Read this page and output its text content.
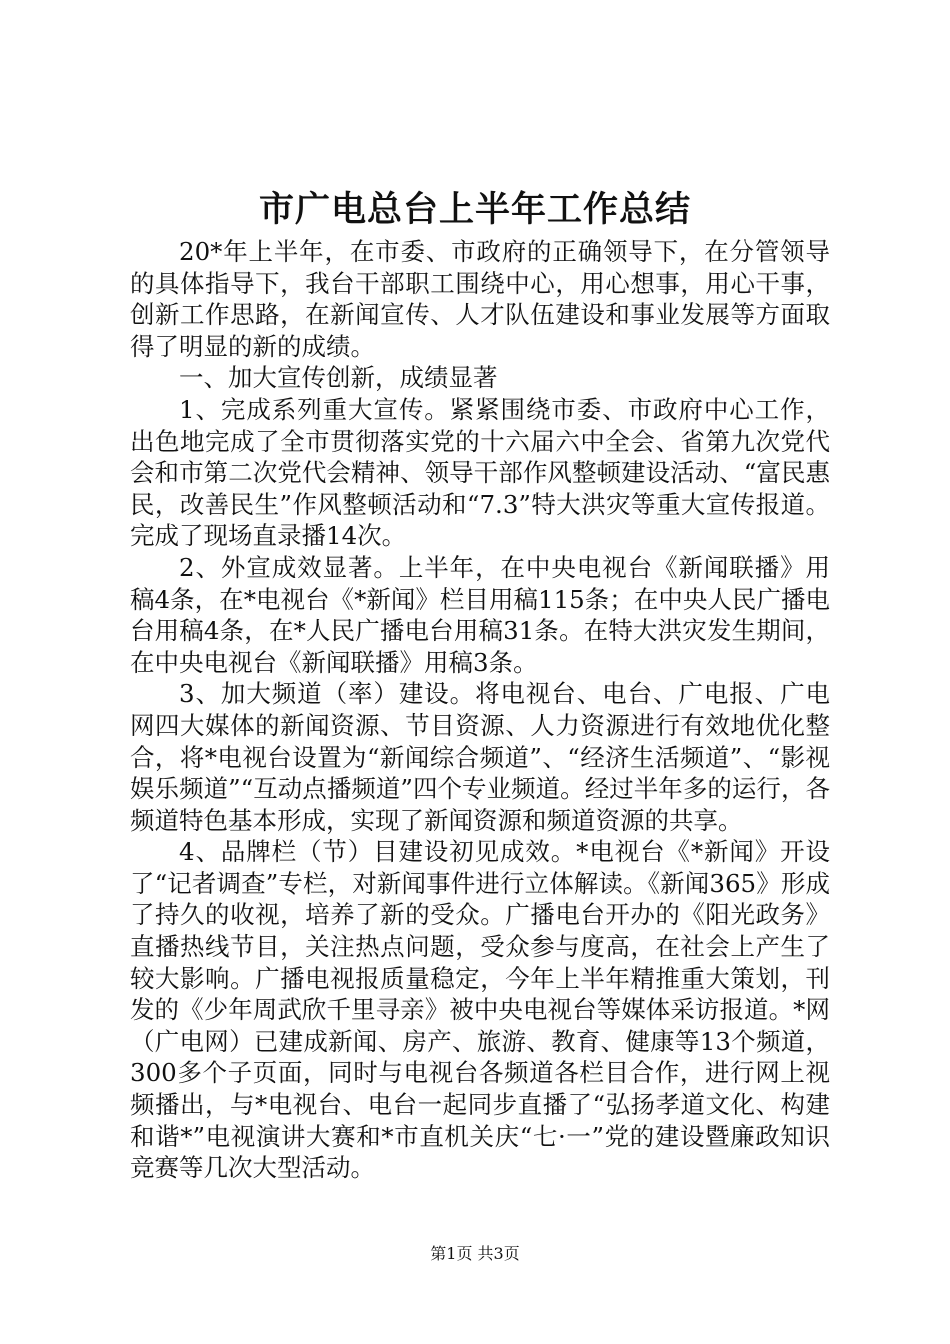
市广电总台上半年工作总结

20*年上半年，在市委、市政府的正确领导下，在分管领导的具体指导下，我台干部职工围绕中心，用心想事，用心干事，创新工作思路，在新闻宣传、人才队伍建设和事业发展等方面取得了明显的新的成绩。

一、加大宣传创新，成绩显著

1、完成系列重大宣传。紧紧围绕市委、市政府中心工作，出色地完成了全市贯彻落实党的十六届六中全会、省第九次党代会和市第二次党代会精神、领导干部作风整顿建设活动、“富民惠民，改善民生”作风整顿活动和“7.3”特大洪灾等重大宣传报道。完成了现场直录播14次。

2、外宣成效显著。上半年，在中央电视台《新闻联播》用稿4条，在*电视台《*新闻》栏目用稿115条；在中央人民广播电台用稿4条，在*人民广播电台用稿31条。在特大洪灾发生期间，在中央电视台《新闻联播》用稿3条。

3、加大频道（率）建设。将电视台、电台、广电报、广电网四大媒体的新闻资源、节目资源、人力资源进行有效地优化整合，将*电视台设置为“新闻综合频道”、“经济生活频道”、“影视娱乐频道”“互动点播频道”四个专业频道。经过半年多的运行，各频道特色基本形成，实现了新闻资源和频道资源的共享。

4、品牌栏（节）目建设初见成效。*电视台《*新闻》开设了“记者调查”专栏，对新闻事件进行立体解读。《新闻365》形成了持久的收视，培养了新的受众。广播电台开办的《阳光政务》直播热线节目，关注热点问题，受众参与度高，在社会上产生了较大影响。广播电视报质量稳定，今年上半年精推重大策划，刊发的《少年周武欣千里寻亲》被中央电视台等媒体采访报道。*网（广电网）已建成新闻、房产、旅游、教育、健康等13个频道，300多个子页面，同时与电视台各频道各栏目合作，进行网上视频播出，与*电视台、电台一起同步直播了“弘扬孝道文化、构建和谐*”电视演讲大赛和*市直机关庆“七·一”党的建设暨廉政知识竞赛等几次大型活动。

第1页 共3页
